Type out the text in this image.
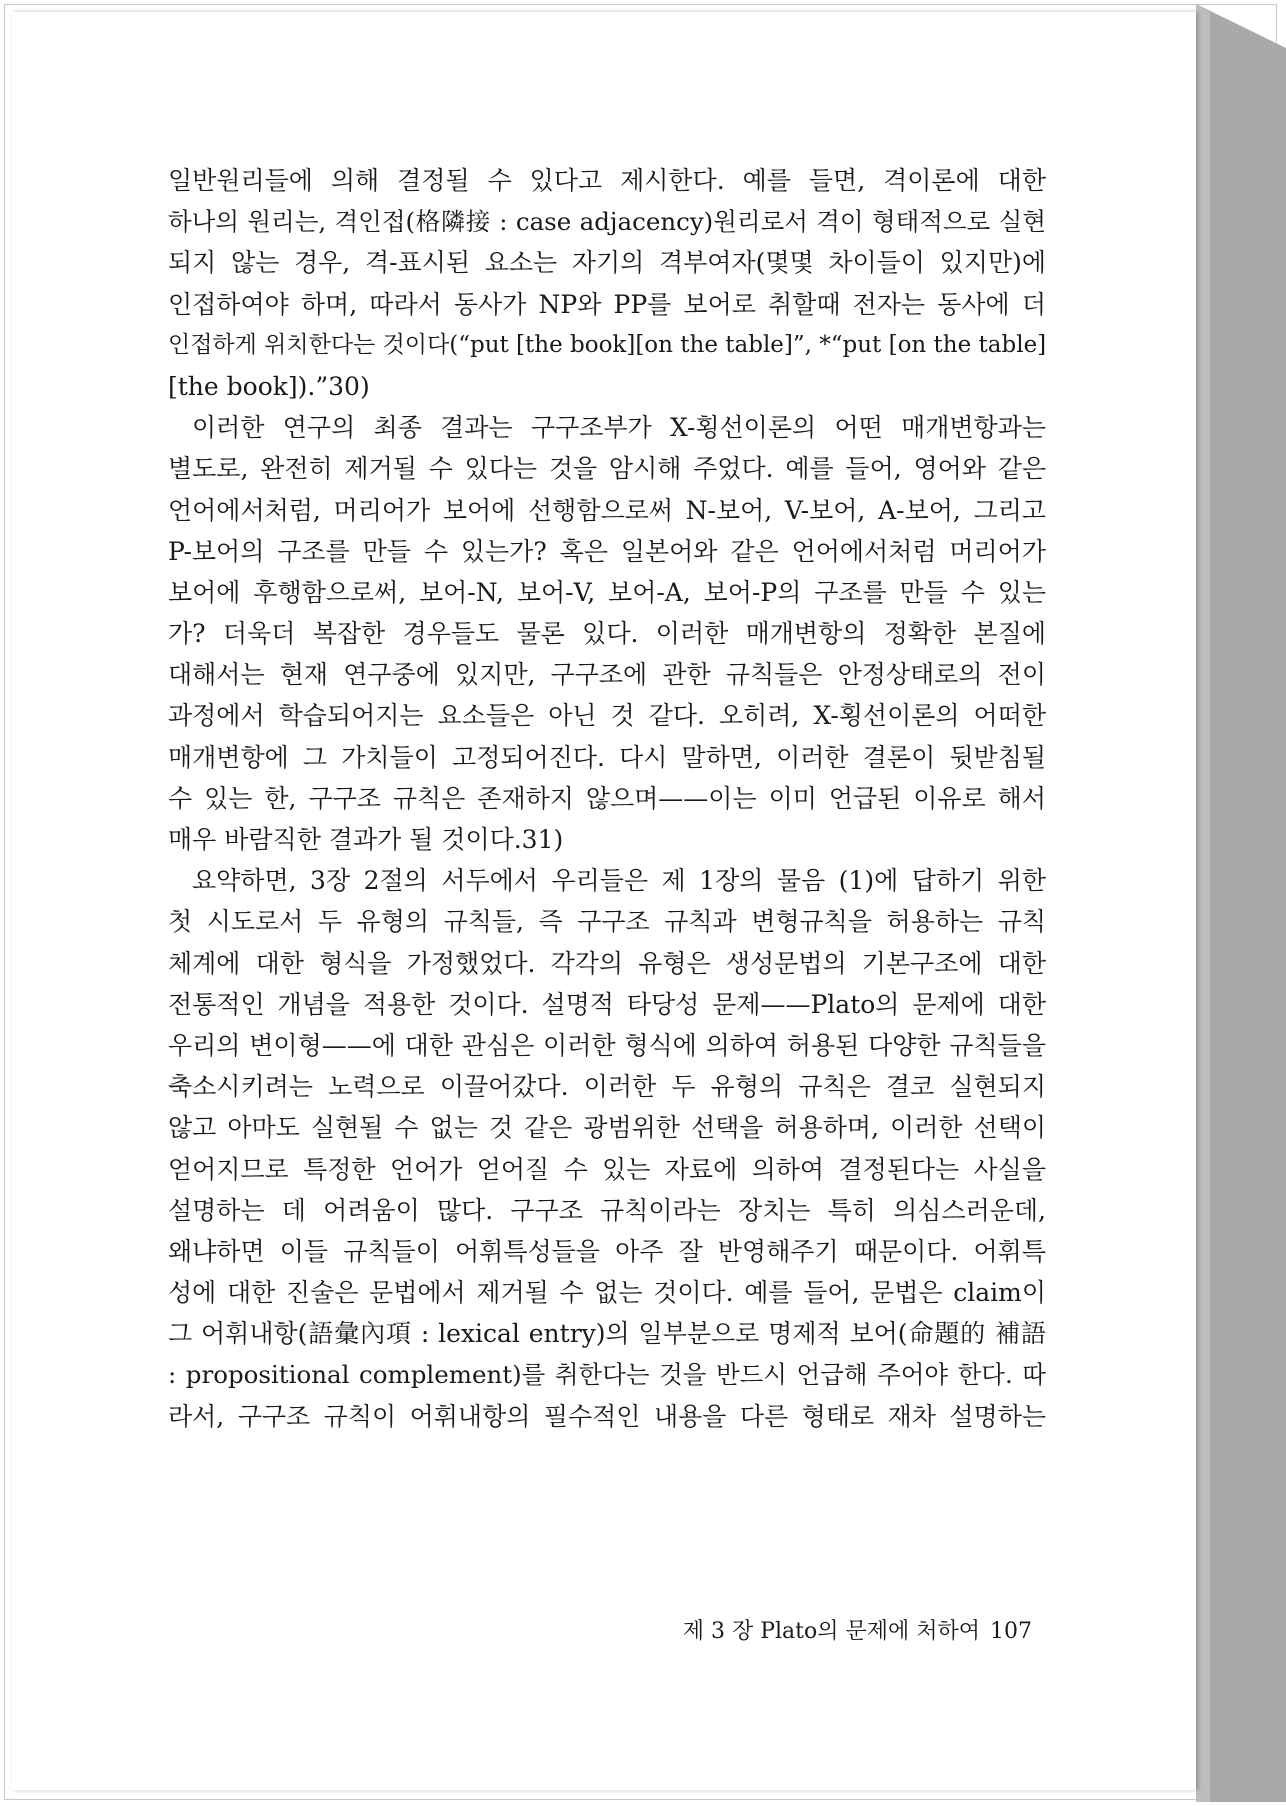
일반원리들에 의해 결정될 수 있다고 제시한다. 예를 들면, 격이론에 대한
하나의 원리는, 격인접(格隣接 : case adjacency)원리로서 격이 형태적으로 실현
되지 않는 경우, 격-표시된 요소는 자기의 격부여자(몇몇 차이들이 있지만)에
인접하여야 하며, 따라서 동사가 NP와 PP를 보어로 취할때 전자는 동사에 더
인접하게 위치한다는 것이다(“put [the book][on the table]”, *“put [on the table]
[the book]).”30)
이러한 연구의 최종 결과는 구구조부가 X-횡선이론의 어떤 매개변항과는
별도로, 완전히 제거될 수 있다는 것을 암시해 주었다. 예를 들어, 영어와 같은
언어에서처럼, 머리어가 보어에 선행함으로써 N-보어, V-보어, A-보어, 그리고
P-보어의 구조를 만들 수 있는가? 혹은 일본어와 같은 언어에서처럼 머리어가
보어에 후행함으로써, 보어-N, 보어-V, 보어-A, 보어-P의 구조를 만들 수 있는
가? 더욱더 복잡한 경우들도 물론 있다. 이러한 매개변항의 정확한 본질에
대해서는 현재 연구중에 있지만, 구구조에 관한 규칙들은 안정상태로의 전이
과정에서 학습되어지는 요소들은 아닌 것 같다. 오히려, X-횡선이론의 어떠한
매개변항에 그 가치들이 고정되어진다. 다시 말하면, 이러한 결론이 뒷받침될
수 있는 한, 구구조 규칙은 존재하지 않으며——이는 이미 언급된 이유로 해서
매우 바람직한 결과가 될 것이다.31)
요약하면, 3장 2절의 서두에서 우리들은 제 1장의 물음 (1)에 답하기 위한
첫 시도로서 두 유형의 규칙들, 즉 구구조 규칙과 변형규칙을 허용하는 규칙
체계에 대한 형식을 가정했었다. 각각의 유형은 생성문법의 기본구조에 대한
전통적인 개념을 적용한 것이다. 설명적 타당성 문제——Plato의 문제에 대한
우리의 변이형——에 대한 관심은 이러한 형식에 의하여 허용된 다양한 규칙들을
축소시키려는 노력으로 이끌어갔다. 이러한 두 유형의 규칙은 결코 실현되지
않고 아마도 실현될 수 없는 것 같은 광범위한 선택을 허용하며, 이러한 선택이
얻어지므로 특정한 언어가 얻어질 수 있는 자료에 의하여 결정된다는 사실을
설명하는 데 어려움이 많다. 구구조 규칙이라는 장치는 특히 의심스러운데,
왜냐하면 이들 규칙들이 어휘특성들을 아주 잘 반영해주기 때문이다. 어휘특
성에 대한 진술은 문법에서 제거될 수 없는 것이다. 예를 들어, 문법은 claim이
그 어휘내항(語彙內項 : lexical entry)의 일부분으로 명제적 보어(命題的 補語
: propositional complement)를 취한다는 것을 반드시 언급해 주어야 한다. 따
라서, 구구조 규칙이 어휘내항의 필수적인 내용을 다른 형태로 재차 설명하는
제 3 장 Plato의 문제에 처하여 107
